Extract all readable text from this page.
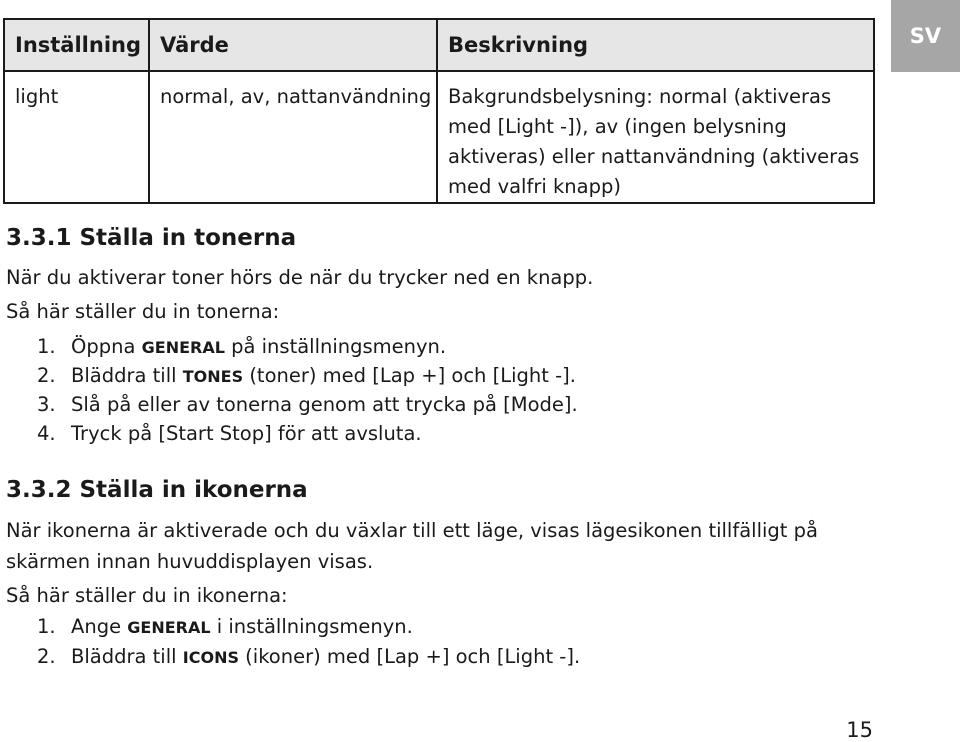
SV
Inställning	Värde	Beskrivning
light	normal, av, nattanvändning	Bakgrundsbelysning: normal (aktiveras med [Light -]), av (ingen belysning aktiveras) eller nattanvändning (aktiveras med valfri knapp)
3.3.1 Ställa in tonerna
När du aktiverar toner hörs de när du trycker ned en knapp.
Så här ställer du in tonerna:
1. Öppna GENERAL på inställningsmenyn.
2. Bläddra till TONES (toner) med [Lap +] och [Light -].
3. Slå på eller av tonerna genom att trycka på [Mode].
4. Tryck på [Start Stop] för att avsluta.
3.3.2 Ställa in ikonerna
När ikonerna är aktiverade och du växlar till ett läge, visas lägesikonen tillfälligt på skärmen innan huvuddisplayen visas.
Så här ställer du in ikonerna:
1. Ange GENERAL i inställningsmenyn.
2. Bläddra till ICONS (ikoner) med [Lap +] och [Light -].
15
